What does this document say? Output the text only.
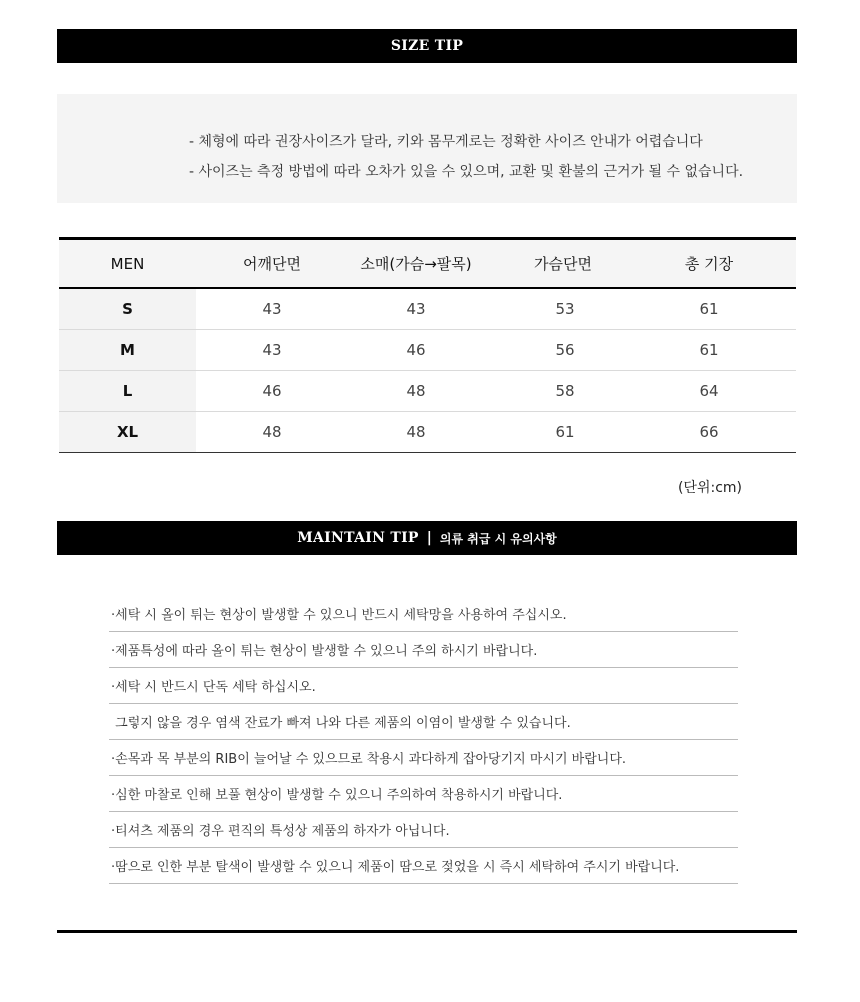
SIZE TIP
- 체형에 따라 권장사이즈가 달라, 키와 몸무게로는 정확한 사이즈 안내가 어렵습니다
- 사이즈는 측정 방법에 따라 오차가 있을 수 있으며, 교환 및 환불의 근거가 될 수 없습니다.
MEN	어깨단면	소매(가슴→팔목)	가슴단면	총 기장
S	43	43	53	61
M	43	46	56	61
L	46	48	58	64
XL	48	48	61	66
(단위:cm)
MAINTAIN TIP | 의류 취급 시 유의사항
·세탁 시 올이 튀는 현상이 발생할 수 있으니 반드시 세탁망을 사용하여 주십시오.
·제품특성에 따라 올이 튀는 현상이 발생할 수 있으니 주의 하시기 바랍니다.
·세탁 시 반드시 단독 세탁 하십시오.
그렇지 않을 경우 염색 잔료가 빠져 나와 다른 제품의 이염이 발생할 수 있습니다.
·손목과 목 부분의 RIB이 늘어날 수 있으므로 착용시 과다하게 잡아당기지 마시기 바랍니다.
·심한 마찰로 인해 보풀 현상이 발생할 수 있으니 주의하여 착용하시기 바랍니다.
·티셔츠 제품의 경우 편직의 특성상 제품의 하자가 아닙니다.
·땀으로 인한 부분 탈색이 발생할 수 있으니 제품이 땀으로 젖었을 시 즉시 세탁하여 주시기 바랍니다.
